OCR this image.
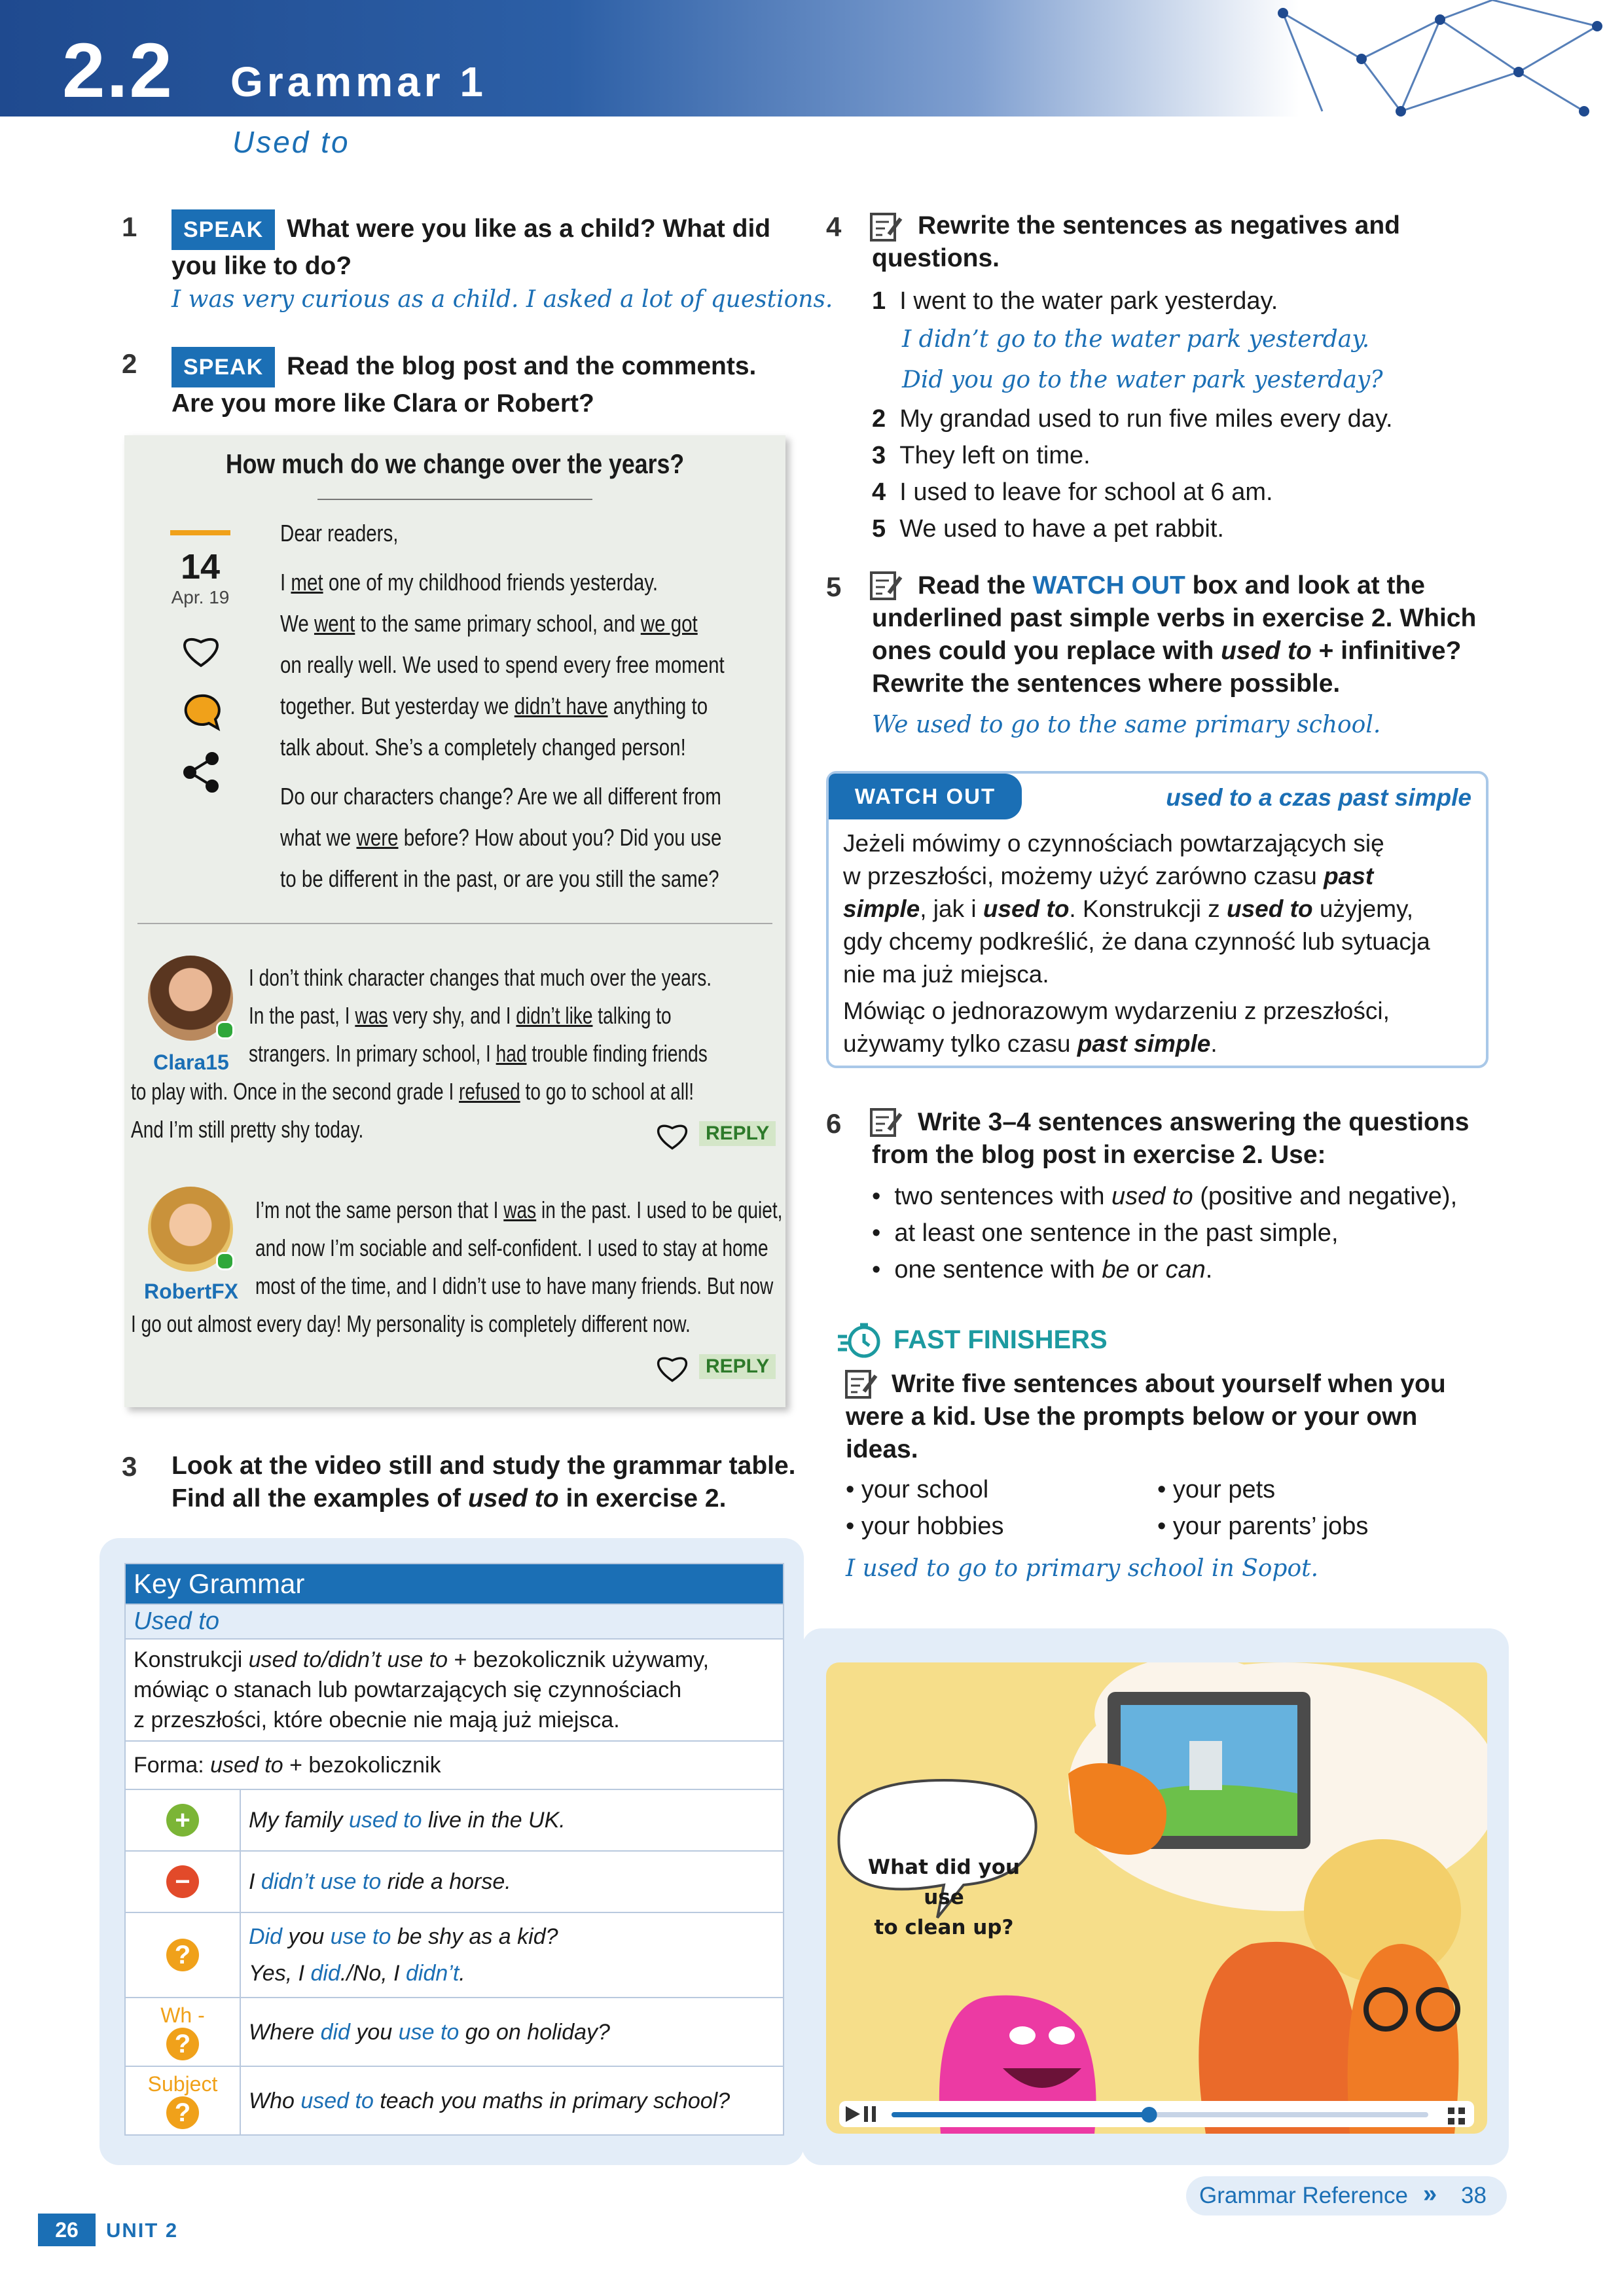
2.2 Grammar 1
Used to
1	SPEAK What were you like as a child? What did
you like to do?
I was very curious as a child. I asked a lot of questions.
2	SPEAK Read the blog post and the comments.
Are you more like Clara or Robert?
How much do we change over the years?
14
Apr. 19
Dear readers,
I met one of my childhood friends yesterday.
We went to the same primary school, and we got
on really well. We used to spend every free moment
together. But yesterday we didn’t have anything to
talk about. She’s a completely changed person!
Do our characters change? Are we all different from
what we were before? How about you? Did you use
to be different in the past, or are you still the same?
Clara15
I don’t think character changes that much over the years.
In the past, I was very shy, and I didn’t like talking to
strangers. In primary school, I had trouble finding friends
to play with. Once in the second grade I refused to go to school at all!
And I’m still pretty shy today.	REPLY
RobertFX
I’m not the same person that I was in the past. I used to be quiet,
and now I’m sociable and self-confident. I used to stay at home
most of the time, and I didn’t use to have many friends. But now
I go out almost every day! My personality is completely different now.
REPLY
3 Look at the video still and study the grammar table.
Find all the examples of used to in exercise 2.
Key Grammar	
Used to	
Konstrukcji used to/didn’t use to + bezokolicznik używamy,
mówiąc o stanach lub powtarzających się czynnościach
z przeszłości, które obecnie nie mają już miejsca.	
Forma: used to + bezokolicznik	
+	My family used to live in the UK.
−	I didn’t use to ride a horse.
?	Did you use to be shy as a kid?
Yes, I did./No, I didn’t.

Wh -
?	Where did you use to go on holiday?

Subject
?	Who used to teach you maths in primary school?
4	Rewrite the sentences as negatives and
questions.
1  I went to the water park yesterday.
I didn’t go to the water park yesterday.
Did you go to the water park yesterday?
2  My grandad used to run five miles every day.
3  They left on time.
4  I used to leave for school at 6 am.
5  We used to have a pet rabbit.
5	Read the WATCH OUT box and look at the
underlined past simple verbs in exercise 2. Which
ones could you replace with used to + infinitive?
Rewrite the sentences where possible.
We used to go to the same primary school.
WATCH OUT	used to a czas past simple
Jeżeli mówimy o czynnościach powtarzających się
w przeszłości, możemy użyć zarówno czasu past
simple, jak i used to. Konstrukcji z used to użyjemy,
gdy chcemy podkreślić, że dana czynność lub sytuacja
nie ma już miejsca.

Mówiąc o jednorazowym wydarzeniu z przeszłości,
używamy tylko czasu past simple.
6	Write 3–4 sentences answering the questions
from the blog post in exercise 2. Use:
•  two sentences with used to (positive and negative),
•  at least one sentence in the past simple,
•  one sentence with be or can.
FAST FINISHERS
Write five sentences about yourself when you
were a kid. Use the prompts below or your own
ideas.
• your school	• your pets
• your hobbies	• your parents’ jobs
I used to go to primary school in Sopot.
What did you use
to clean up?
26	UNIT 2
Grammar Reference » 38
